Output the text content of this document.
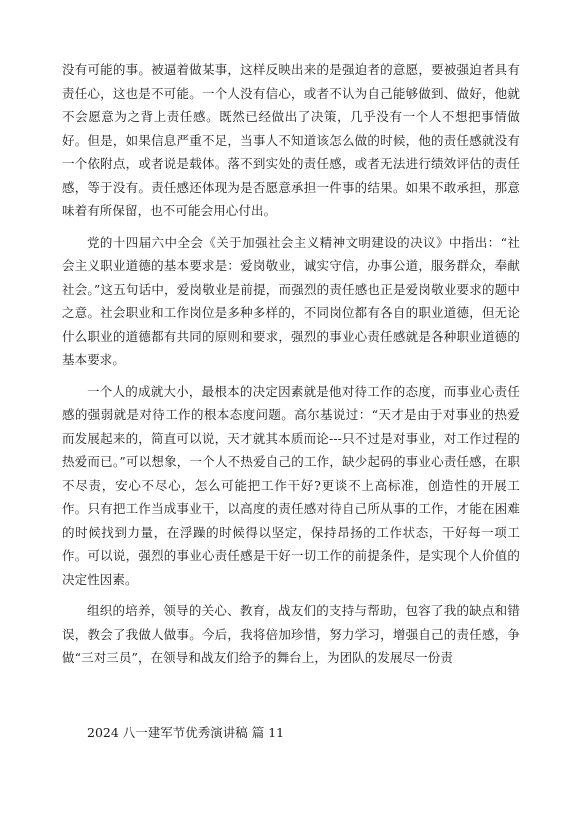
没有可能的事。被逼着做某事，这样反映出来的是强迫者的意愿，要被强迫者具有责任心，这也是不可能。一个人没有信心，或者不认为自己能够做到、做好，他就不会愿意为之背上责任感。既然已经做出了决策，几乎没有一个人不想把事情做好。但是，如果信息严重不足，当事人不知道该怎么做的时候，他的责任感就没有一个依附点，或者说是载体。落不到实处的责任感，或者无法进行绩效评估的责任感，等于没有。责任感还体现为是否愿意承担一件事的结果。如果不敢承担，那意味着有所保留，也不可能会用心付出。

党的十四届六中全会《关于加强社会主义精神文明建设的决议》中指出：“社会主义职业道德的基本要求是：爱岗敬业，诚实守信，办事公道，服务群众，奉献社会。”这五句话中，爱岗敬业是前提，而强烈的责任感也正是爱岗敬业要求的题中之意。社会职业和工作岗位是多种多样的，不同岗位都有各自的职业道德，但无论什么职业的道德都有共同的原则和要求，强烈的事业心责任感就是各种职业道德的基本要求。

一个人的成就大小，最根本的决定因素就是他对待工作的态度，而事业心责任感的强弱就是对待工作的根本态度问题。高尔基说过：“天才是由于对事业的热爱而发展起来的，简直可以说，天才就其本质而论---只不过是对事业，对工作过程的热爱而已。”可以想象，一个人不热爱自己的工作，缺少起码的事业心责任感，在职不尽责，安心不尽心，怎么可能把工作干好?更谈不上高标准，创造性的开展工作。只有把工作当成事业干，以高度的责任感对待自己所从事的工作，才能在困难的时候找到力量，在浮躁的时候得以坚定，保持昂扬的工作状态，干好每一项工作。可以说，强烈的事业心责任感是干好一切工作的前提条件，是实现个人价值的决定性因素。

组织的培养，领导的关心、教育，战友们的支持与帮助，包容了我的缺点和错误，教会了我做人做事。今后，我将倍加珍惜，努力学习，增强自己的责任感，争做“三对三员”，在领导和战友们给予的舞台上，为团队的发展尽一份责

2024 八一建军节优秀演讲稿 篇 11
